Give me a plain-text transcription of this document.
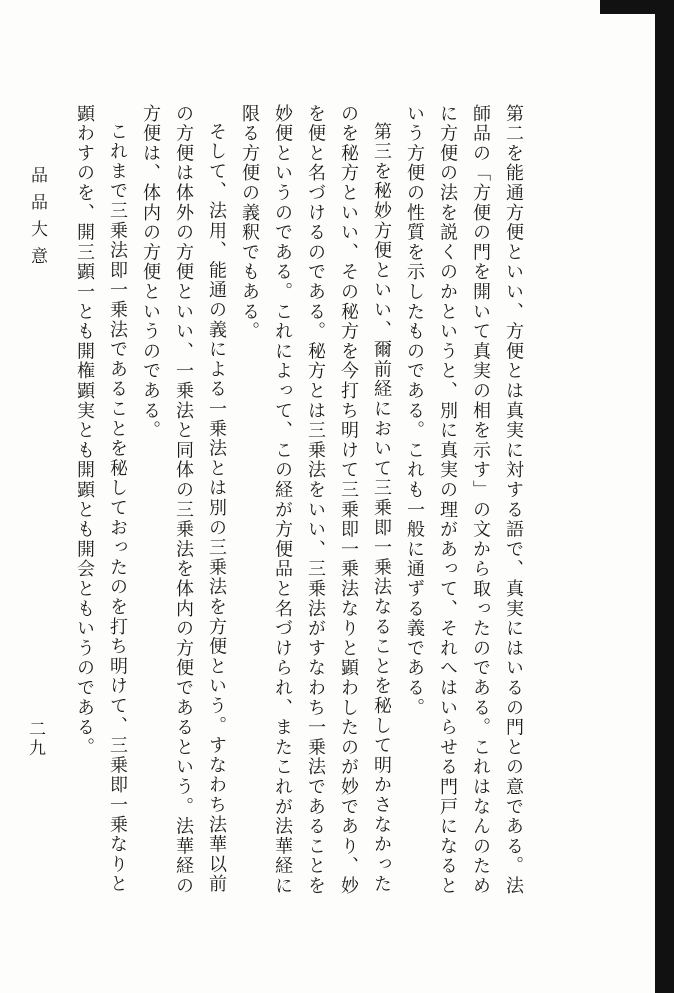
第二を能通方便といい、方便とは真実に対する語で、真実にはいるの門との意である。法師品の「方便の門を開いて真実の相を示す」の文から取ったのである。これはなんのために方便の法を説くのかというと、別に真実の理があって、それへはいらせる門戸になるという方便の性質を示したものである。これも一般に通ずる義である。

第三を秘妙方便といい、爾前経において三乗即一乗法なることを秘して明かさなかったのを秘方といい、その秘方を今打ち明けて三乗即一乗法なりと顕わしたのが妙であり、妙を便と名づけるのである。秘方とは三乗法をいい、三乗法がすなわち一乗法であることを妙便というのである。これによって、この経が方便品と名づけられ、またこれが法華経に限る方便の義釈でもある。

そして、法用、能通の義による一乗法とは別の三乗法を方便という。すなわち法華以前の方便は体外の方便といい、一乗法と同体の三乗法を体内の方便であるという。法華経の方便は、体内の方便というのである。

これまで三乗法即一乗法であることを秘しておったのを打ち明けて、三乗即一乗なりと顕わすのを、開三顕一とも開権顕実とも開顕とも開会ともいうのである。

品品大意
二九
